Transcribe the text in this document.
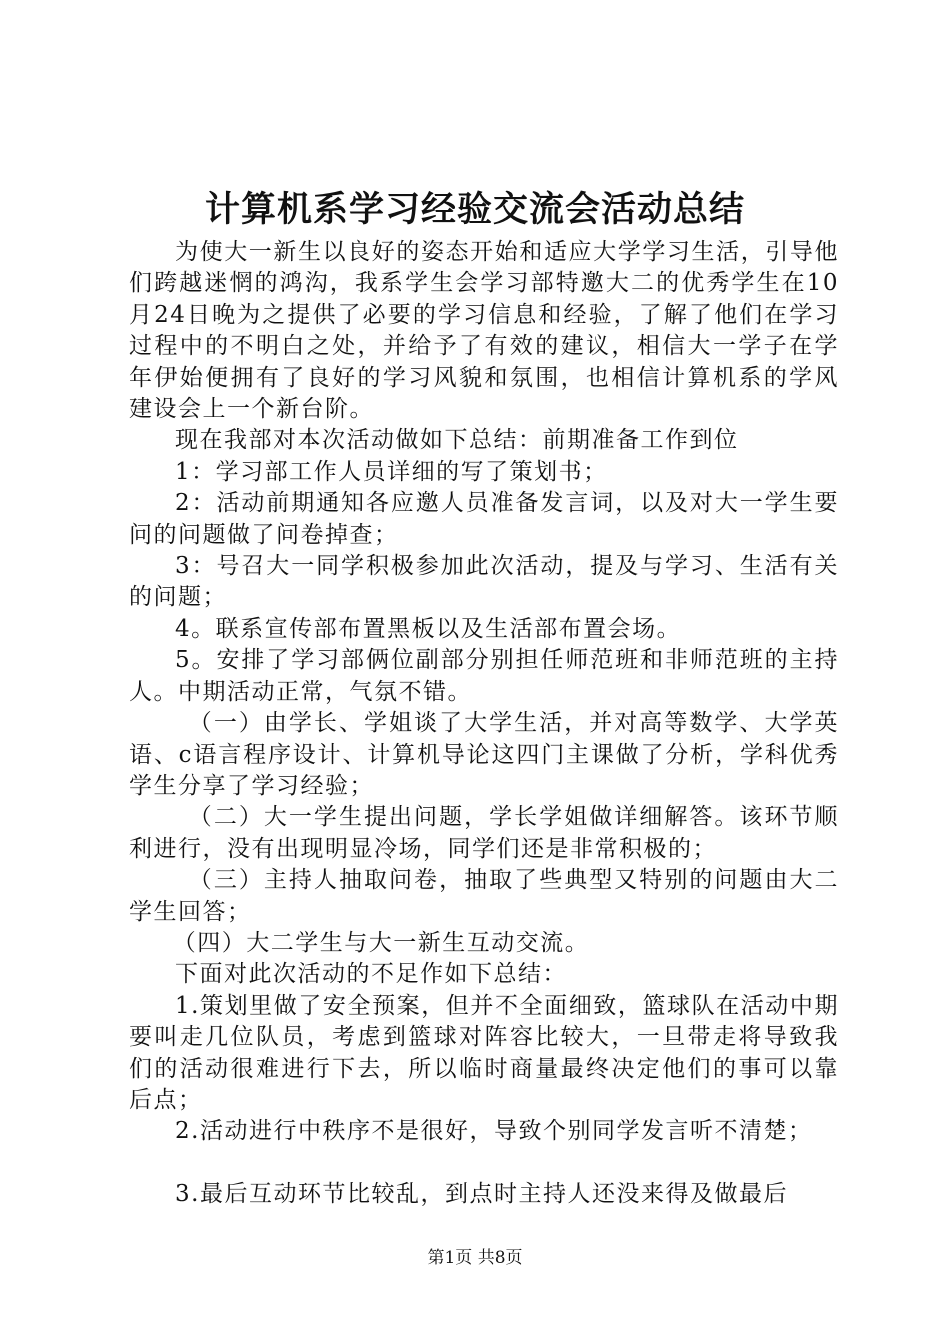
计算机系学习经验交流会活动总结

为使大一新生以良好的姿态开始和适应大学学习生活，引导他们跨越迷惘的鸿沟，我系学生会学习部特邀大二的优秀学生在10月24日晚为之提供了必要的学习信息和经验，了解了他们在学习过程中的不明白之处，并给予了有效的建议，相信大一学子在学年伊始便拥有了良好的学习风貌和氛围，也相信计算机系的学风建设会上一个新台阶。

现在我部对本次活动做如下总结：前期准备工作到位

1：学习部工作人员详细的写了策划书；

2：活动前期通知各应邀人员准备发言词，以及对大一学生要问的问题做了问卷掉查；

3：号召大一同学积极参加此次活动，提及与学习、生活有关的问题；

4。联系宣传部布置黑板以及生活部布置会场。

5。安排了学习部俩位副部分别担任师范班和非师范班的主持人。中期活动正常，气氛不错。

（一）由学长、学姐谈了大学生活，并对高等数学、大学英语、c语言程序设计、计算机导论这四门主课做了分析，学科优秀学生分享了学习经验；

（二）大一学生提出问题，学长学姐做详细解答。该环节顺利进行，没有出现明显冷场，同学们还是非常积极的；

（三）主持人抽取问卷，抽取了些典型又特别的问题由大二学生回答；

（四）大二学生与大一新生互动交流。

下面对此次活动的不足作如下总结：

1.策划里做了安全预案，但并不全面细致，篮球队在活动中期要叫走几位队员，考虑到篮球对阵容比较大，一旦带走将导致我们的活动很难进行下去，所以临时商量最终决定他们的事可以靠后点；

2.活动进行中秩序不是很好，导致个别同学发言听不清楚；

3.最后互动环节比较乱，到点时主持人还没来得及做最后

第1页 共8页
